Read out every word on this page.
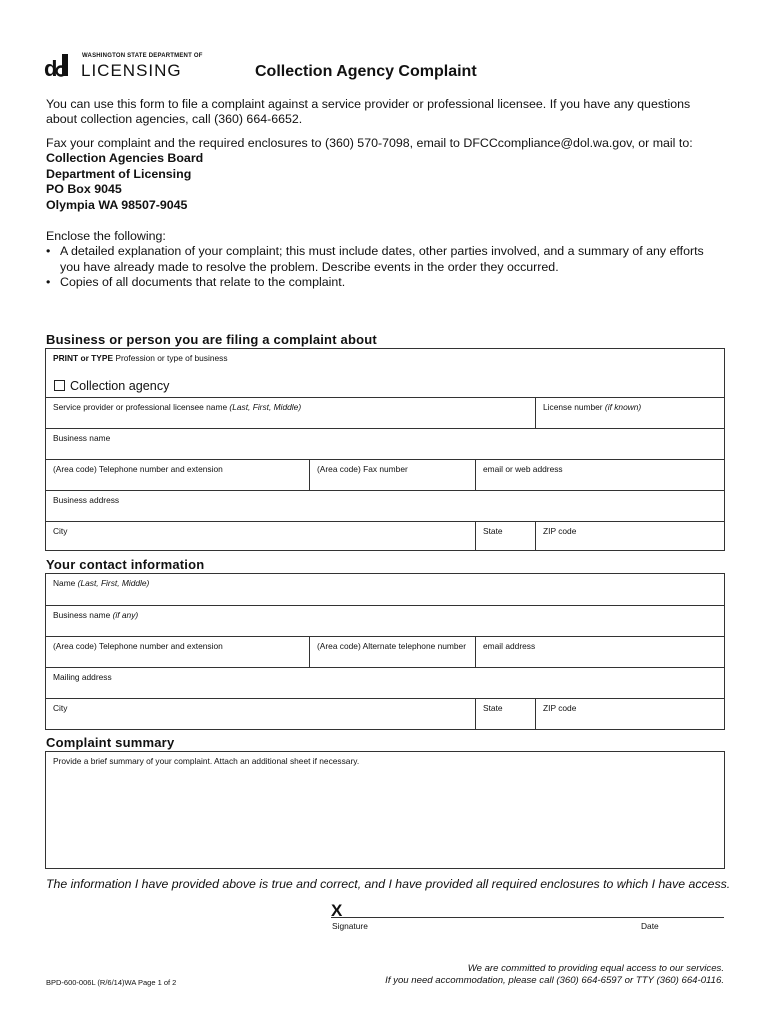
d	WASHINGTON STATE DEPARTMENT OF
LICENSING	Collection Agency Complaint
You can use this form to file a complaint against a service provider or professional licensee. If you have any questions
about collection agencies, call (360) 664-6652.
Fax your complaint and the required enclosures to (360) 570-7098, email to DFCCcompliance@dol.wa.gov, or mail to:
Collection Agencies Board
Department of Licensing
PO Box 9045
Olympia WA 98507-9045
Enclose the following:
• A detailed explanation of your complaint; this must include dates, other parties involved, and a summary of any efforts
you have already made to resolve the problem. Describe events in the order they occurred.
• Copies of all documents that relate to the complaint.
Business or person you are filing a complaint about
PRINT or TYPE Profession or type of business
Collection agency
Service provider or professional licensee name (Last, First, Middle)	License number (if known)
Business name
(Area code) Telephone number and extension	(Area code) Fax number	email or web address
Business address
City	State	ZIP code
Your contact information
Name (Last, First, Middle)
Business name (if any)
(Area code) Telephone number and extension	(Area code) Alternate telephone number	email address
Mailing address
City	State	ZIP code
Complaint summary
Provide a brief summary of your complaint. Attach an additional sheet if necessary.
The information I have provided above is true and correct, and I have provided all required enclosures to which I have access.
X
Signature	Date
BPD-600-006L (R/6/14)WA Page 1 of 2
We are committed to providing equal access to our services.
If you need accommodation, please call (360) 664-6597 or TTY (360) 664-0116.
